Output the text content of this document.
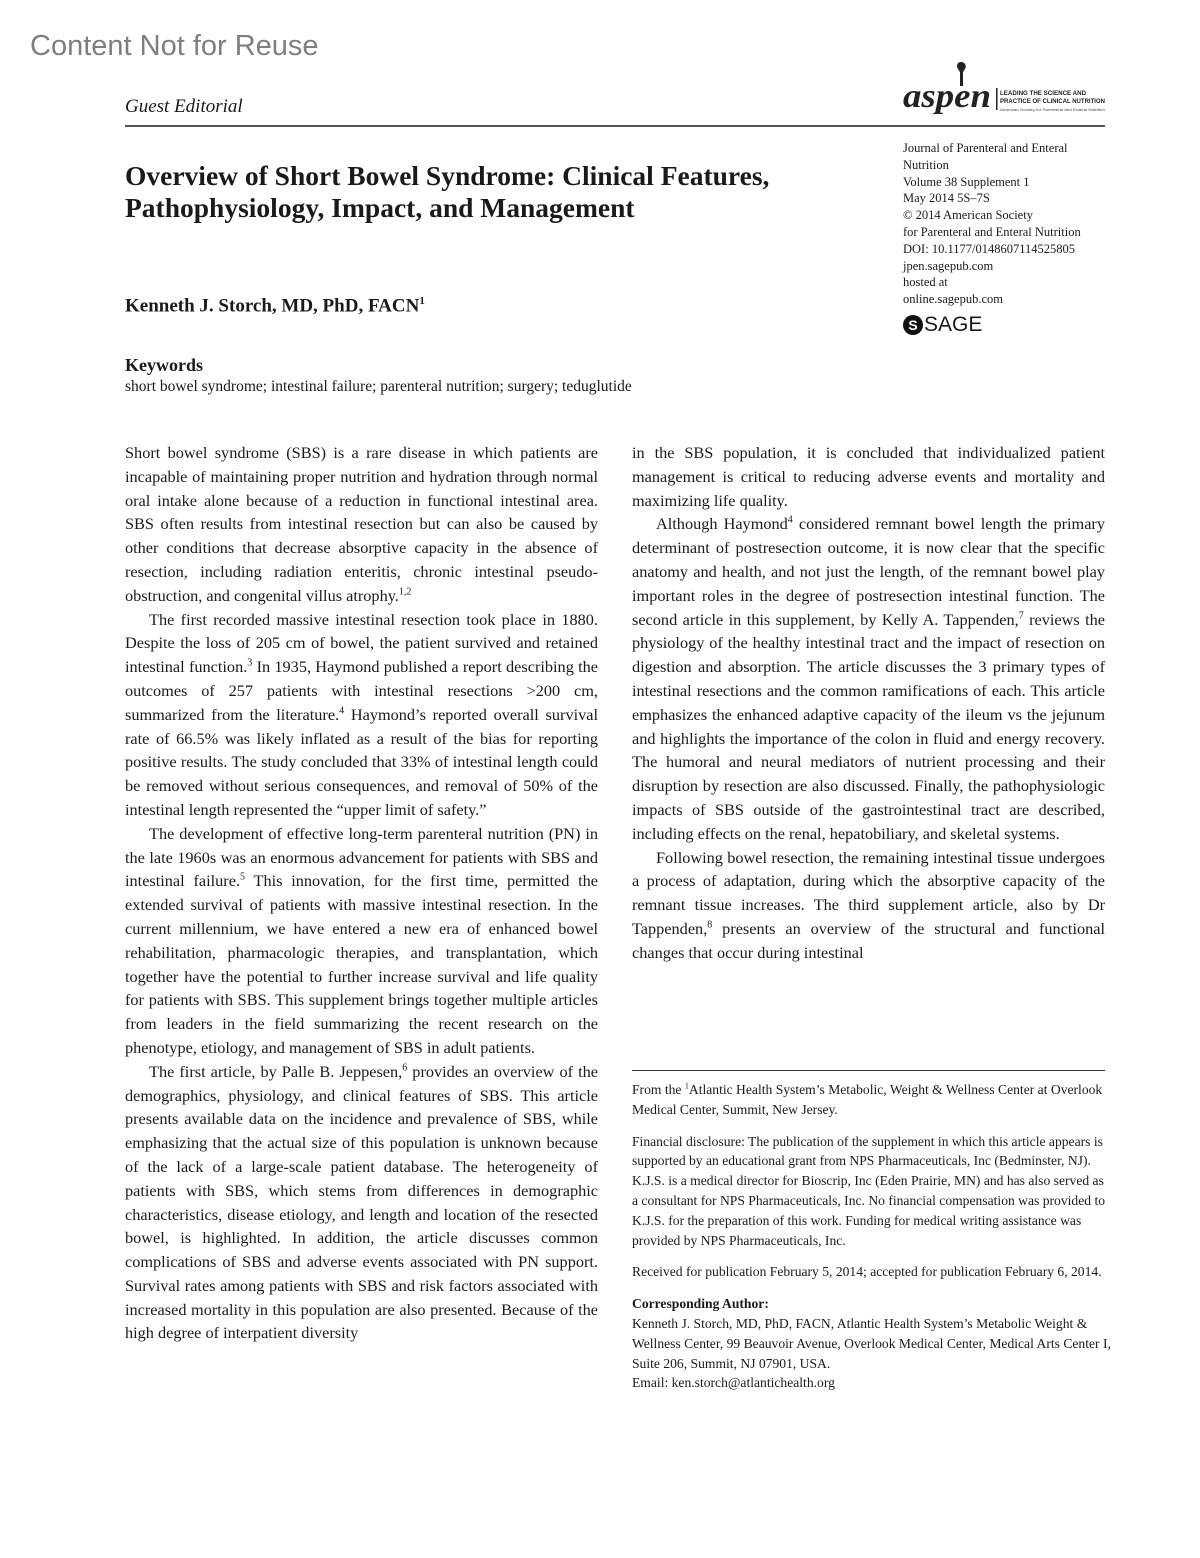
Content Not for Reuse
Guest Editorial	aspen LEADING THE SCIENCE AND
PRACTICE OF CLINICAL NUTRITION
American Society for Parenteral and Enteral Nutrition
Overview of Short Bowel Syndrome: Clinical Features, Pathophysiology, Impact, and Management
Kenneth J. Storch, MD, PhD, FACN$^1$
Journal of Parenteral and Enteral
Nutrition
Volume 38 Supplement 1
May 2014 5S–7S
© 2014 American Society
for Parenteral and Enteral Nutrition
DOI: 10.1177/0148607114525805
jpen.sagepub.com
hosted at
online.sagepub.com
S SAGE
Keywords
short bowel syndrome; intestinal failure; parenteral nutrition; surgery; teduglutide

Short bowel syndrome (SBS) is a rare disease in which patients are incapable of maintaining proper nutrition and hydration through normal oral intake alone because of a reduction in functional intestinal area. SBS often results from intestinal resection but can also be caused by other conditions that decrease absorptive capacity in the absence of resection, including radiation enteritis, chronic intestinal pseudo-obstruction, and congenital villus atrophy.$^{1,2}$

The first recorded massive intestinal resection took place in 1880. Despite the loss of 205 cm of bowel, the patient survived and retained intestinal function.$^3$ In 1935, Haymond published a report describing the outcomes of 257 patients with intestinal resections >200 cm, summarized from the literature.$^4$ Haymond’s reported overall survival rate of 66.5% was likely inflated as a result of the bias for reporting positive results. The study concluded that 33% of intestinal length could be removed without serious consequences, and removal of 50% of the intestinal length represented the “upper limit of safety.”

The development of effective long-term parenteral nutrition (PN) in the late 1960s was an enormous advancement for patients with SBS and intestinal failure.$^5$ This innovation, for the first time, permitted the extended survival of patients with massive intestinal resection. In the current millennium, we have entered a new era of enhanced bowel rehabilitation, pharmacologic therapies, and transplantation, which together have the potential to further increase survival and life quality for patients with SBS. This supplement brings together multiple articles from leaders in the field summarizing the recent research on the phenotype, etiology, and management of SBS in adult patients.

The first article, by Palle B. Jeppesen,$^6$ provides an overview of the demographics, physiology, and clinical features of SBS. This article presents available data on the incidence and prevalence of SBS, while emphasizing that the actual size of this population is unknown because of the lack of a large-scale patient database. The heterogeneity of patients with SBS, which stems from differences in demographic characteristics, disease etiology, and length and location of the resected bowel, is highlighted. In addition, the article discusses common complications of SBS and adverse events associated with PN support. Survival rates among patients with SBS and risk factors associated with increased mortality in this population are also presented. Because of the high degree of interpatient diversity

in the SBS population, it is concluded that individualized patient management is critical to reducing adverse events and mortality and maximizing life quality.

Although Haymond$^4$ considered remnant bowel length the primary determinant of postresection outcome, it is now clear that the specific anatomy and health, and not just the length, of the remnant bowel play important roles in the degree of postresection intestinal function. The second article in this supplement, by Kelly A. Tappenden,$^7$ reviews the physiology of the healthy intestinal tract and the impact of resection on digestion and absorption. The article discusses the 3 primary types of intestinal resections and the common ramifications of each. This article emphasizes the enhanced adaptive capacity of the ileum vs the jejunum and highlights the importance of the colon in fluid and energy recovery. The humoral and neural mediators of nutrient processing and their disruption by resection are also discussed. Finally, the pathophysiologic impacts of SBS outside of the gastrointestinal tract are described, including effects on the renal, hepatobiliary, and skeletal systems.

Following bowel resection, the remaining intestinal tissue undergoes a process of adaptation, during which the absorptive capacity of the remnant tissue increases. The third supplement article, also by Dr Tappenden,$^8$ presents an overview of the structural and functional changes that occur during intestinal

From the $^1$Atlantic Health System’s Metabolic, Weight & Wellness Center at Overlook Medical Center, Summit, New Jersey.

Financial disclosure: The publication of the supplement in which this article appears is supported by an educational grant from NPS Pharmaceuticals, Inc (Bedminster, NJ). K.J.S. is a medical director for Bioscrip, Inc (Eden Prairie, MN) and has also served as a consultant for NPS Pharmaceuticals, Inc. No financial compensation was provided to K.J.S. for the preparation of this work. Funding for medical writing assistance was provided by NPS Pharmaceuticals, Inc.

Received for publication February 5, 2014; accepted for publication February 6, 2014.

Corresponding Author:

Kenneth J. Storch, MD, PhD, FACN, Atlantic Health System’s Metabolic Weight & Wellness Center, 99 Beauvoir Avenue, Overlook Medical Center, Medical Arts Center I, Suite 206, Summit, NJ 07901, USA.

Email: ken.storch@atlantichealth.org
